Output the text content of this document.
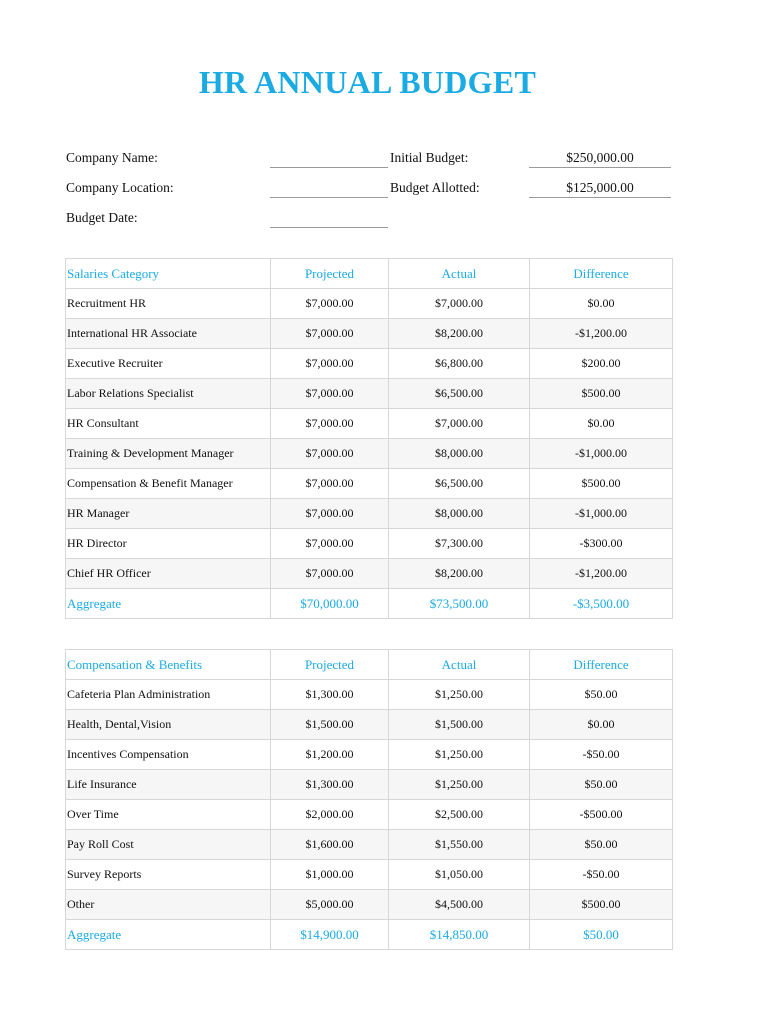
HR ANNUAL BUDGET
Company Name:	Initial Budget:	$250,000.00
Company Location:	Budget Allotted:	$125,000.00
Budget Date:
Salaries Category	Projected	Actual	Difference
Recruitment HR	$7,000.00	$7,000.00	$0.00
International HR Associate	$7,000.00	$8,200.00	-$1,200.00
Executive Recruiter	$7,000.00	$6,800.00	$200.00
Labor Relations Specialist	$7,000.00	$6,500.00	$500.00
HR Consultant	$7,000.00	$7,000.00	$0.00
Training & Development Manager	$7,000.00	$8,000.00	-$1,000.00
Compensation & Benefit Manager	$7,000.00	$6,500.00	$500.00
HR Manager	$7,000.00	$8,000.00	-$1,000.00
HR Director	$7,000.00	$7,300.00	-$300.00
Chief HR Officer	$7,000.00	$8,200.00	-$1,200.00
Aggregate	$70,000.00	$73,500.00	-$3,500.00
Compensation & Benefits	Projected	Actual	Difference
Cafeteria Plan Administration	$1,300.00	$1,250.00	$50.00
Health, Dental,Vision	$1,500.00	$1,500.00	$0.00
Incentives Compensation	$1,200.00	$1,250.00	-$50.00
Life Insurance	$1,300.00	$1,250.00	$50.00
Over Time	$2,000.00	$2,500.00	-$500.00
Pay Roll Cost	$1,600.00	$1,550.00	$50.00
Survey Reports	$1,000.00	$1,050.00	-$50.00
Other	$5,000.00	$4,500.00	$500.00
Aggregate	$14,900.00	$14,850.00	$50.00
